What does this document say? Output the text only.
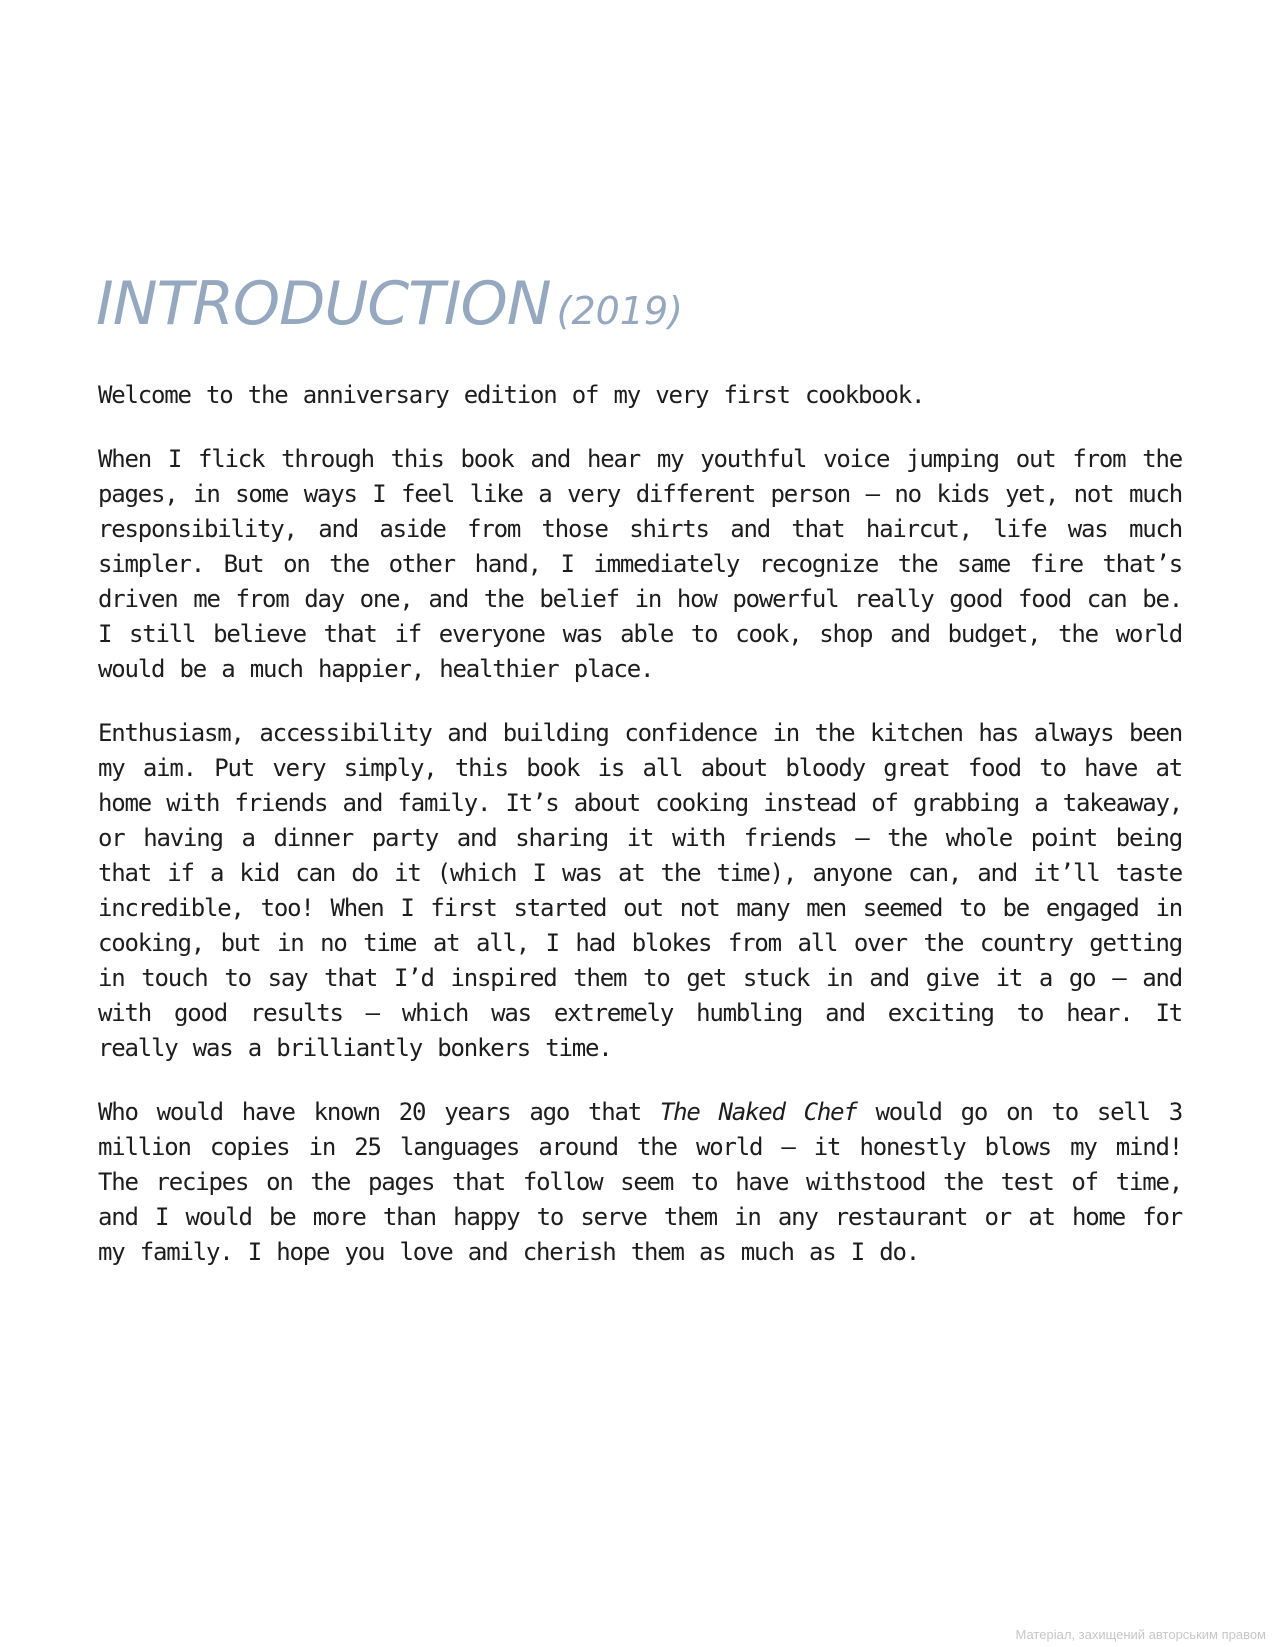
INTRODUCTION (2019)

Welcome to the anniversary edition of my very first cookbook.

When I flick through this book and hear my youthful voice jumping out from the pages, in some ways I feel like a very different person – no kids yet, not much responsibility, and aside from those shirts and that haircut, life was much simpler. But on the other hand, I immediately recognize the same fire that’s driven me from day one, and the belief in how powerful really good food can be. I still believe that if everyone was able to cook, shop and budget, the world would be a much happier, healthier place.

Enthusiasm, accessibility and building confidence in the kitchen has always been my aim. Put very simply, this book is all about bloody great food to have at home with friends and family. It’s about cooking instead of grabbing a takeaway, or having a dinner party and sharing it with friends – the whole point being that if a kid can do it (which I was at the time), anyone can, and it’ll taste incredible, too! When I first started out not many men seemed to be engaged in cooking, but in no time at all, I had blokes from all over the country getting in touch to say that I’d inspired them to get stuck in and give it a go – and with good results – which was extremely humbling and exciting to hear. It really was a brilliantly bonkers time.

Who would have known 20 years ago that The Naked Chef would go on to sell 3 million copies in 25 languages around the world – it honestly blows my mind! The recipes on the pages that follow seem to have withstood the test of time, and I would be more than happy to serve them in any restaurant or at home for my family. I hope you love and cherish them as much as I do.

Матеріал, захищений авторським правом
